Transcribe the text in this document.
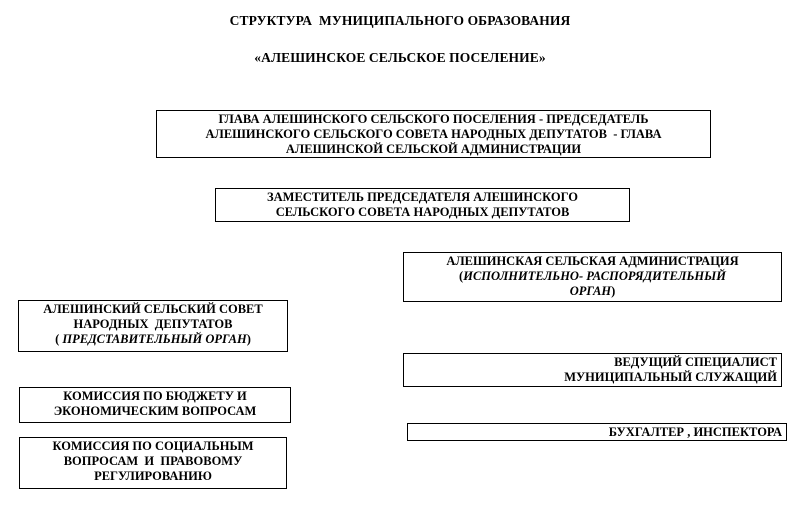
СТРУКТУРА  МУНИЦИПАЛЬНОГО ОБРАЗОВАНИЯ
«АЛЕШИНСКОЕ СЕЛЬСКОЕ ПОСЕЛЕНИЕ»
ГЛАВА АЛЕШИНСКОГО СЕЛЬСКОГО ПОСЕЛЕНИЯ - ПРЕДСЕДАТЕЛЬ
АЛЕШИНСКОГО СЕЛЬСКОГО СОВЕТА НАРОДНЫХ ДЕПУТАТОВ  - ГЛАВА
АЛЕШИНСКОЙ СЕЛЬСКОЙ АДМИНИСТРАЦИИ
ЗАМЕСТИТЕЛЬ ПРЕДСЕДАТЕЛЯ АЛЕШИНСКОГО
СЕЛЬСКОГО СОВЕТА НАРОДНЫХ ДЕПУТАТОВ
АЛЕШИНСКАЯ СЕЛЬСКАЯ АДМИНИСТРАЦИЯ
(ИСПОЛНИТЕЛЬНО- РАСПОРЯДИТЕЛЬНЫЙ
ОРГАН)
АЛЕШИНСКИЙ СЕЛЬСКИЙ СОВЕТ
НАРОДНЫХ  ДЕПУТАТОВ
( ПРЕДСТАВИТЕЛЬНЫЙ ОРГАН)
ВЕДУЩИЙ СПЕЦИАЛИСТ
МУНИЦИПАЛЬНЫЙ СЛУЖАЩИЙ
КОМИССИЯ ПО БЮДЖЕТУ И
ЭКОНОМИЧЕСКИМ ВОПРОСАМ
БУХГАЛТЕР , ИНСПЕКТОРА
КОМИССИЯ ПО СОЦИАЛЬНЫМ
ВОПРОСАМ  И  ПРАВОВОМУ
РЕГУЛИРОВАНИЮ
